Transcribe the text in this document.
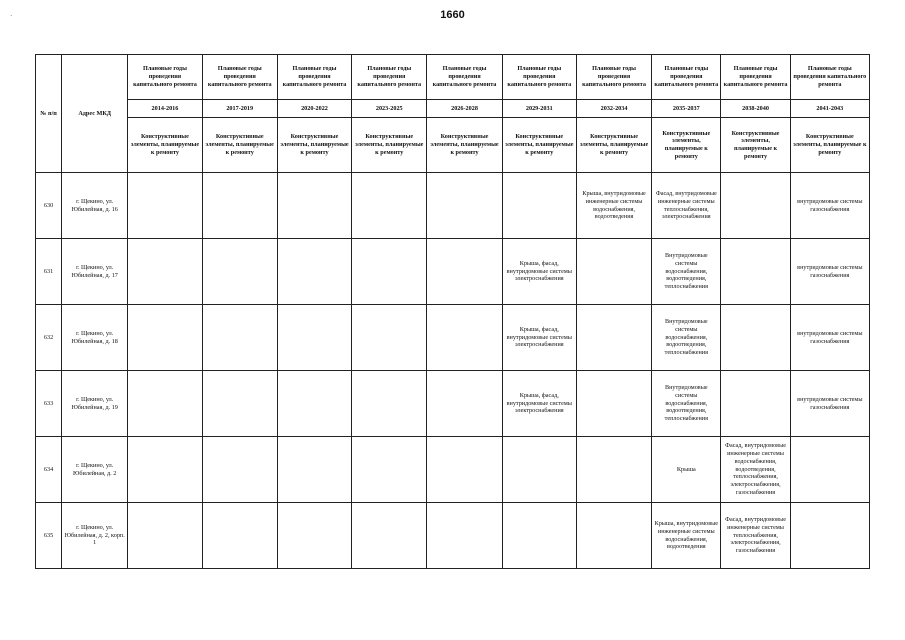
·	1660
№ п/п	Адрес МКД	Плановые годы проведения капитального ремонта	Плановые годы проведения капитального ремонта	Плановые годы проведения капитального ремонта	Плановые годы проведения капитального ремонта	Плановые годы проведения капитального ремонта	Плановые годы проведения капитального ремонта	Плановые годы проведения капитального ремонта	Плановые годы проведения капитального ремонта	Плановые годы проведения капитального ремонта	Плановые годы проведения капитального ремонта
		2014-2016	2017-2019	2020-2022	2023-2025	2026-2028	2029-2031	2032-2034	2035-2037	2038-2040	2041-2043
		Конструктивные элементы, планируемые к ремонту	Конструктивные элементы, планируемые к ремонту	Конструктивные элементы, планируемые к ремонту	Конструктивные элементы, планируемые к ремонту	Конструктивные элементы, планируемые к ремонту	Конструктивные элементы, планируемые к ремонту	Конструктивные элементы, планируемые к ремонту	Конструктивные элементы, планируемые к ремонту	Конструктивные элементы, планируемые к ремонту	Конструктивные элементы, планируемые к ремонту
630	г. Щекино, ул. Юбилейная, д. 16							Крыша, внутридомовые инженерные системы водоснабжения, водоотведения	Фасад, внутридомовые инженерные системы теплоснабжения, электроснабжения		внутридомовые системы газоснабжения
631	г. Щекино, ул. Юбилейная, д. 17						Крыша, фасад, внутридомовые системы электроснабжения		Внутридомовые системы водоснабжения, водоотведения, теплоснабжения		внутридомовые системы газоснабжения
632	г. Щекино, ул. Юбилейная, д. 18						Крыша, фасад, внутридомовые системы электроснабжения		Внутридомовые системы водоснабжения, водоотведения, теплоснабжения		внутридомовые системы газоснабжения
633	г. Щекино, ул. Юбилейная, д. 19						Крыша, фасад, внутридомовые системы электроснабжения		Внутридомовые системы водоснабжения, водоотведения, теплоснабжения		внутридомовые системы газоснабжения
634	г. Щекино, ул. Юбилейная, д. 2								Крыша	Фасад, внутридомовые инженерные системы водоснабжения, водоотведения, теплоснабжения, электроснабжения, газоснабжения	
635	г. Щекино, ул. Юбилейная, д. 2, корп. 1								Крыша, внутридомовые инженерные системы водоснабжения, водоотведения	Фасад, внутридомовые инженерные системы теплоснабжения, электроснабжения, газоснабжения	
